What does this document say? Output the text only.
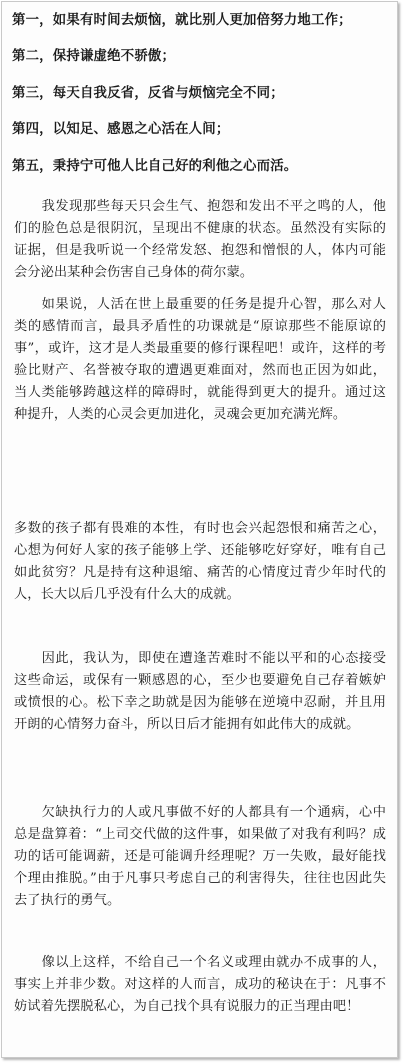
第一，如果有时间去烦恼，就比别人更加倍努力地工作；
第二，保持谦虚绝不骄傲；
第三，每天自我反省，反省与烦恼完全不同；
第四，以知足、感恩之心活在人间；
第五，秉持宁可他人比自己好的利他之心而活。

　　我发现那些每天只会生气、抱怨和发出不平之鸣的人，他们的脸色总是很阴沉，呈现出不健康的状态。虽然没有实际的证据，但是我听说一个经常发怒、抱怨和憎恨的人，体内可能会分泌出某种会伤害自己身体的荷尔蒙。

　　如果说，人活在世上最重要的任务是提升心智，那么对人类的感情而言，最具矛盾性的功课就是“原谅那些不能原谅的事”，或许，这才是人类最重要的修行课程吧！或许，这样的考验比财产、名誉被夺取的遭遇更难面对，然而也正因为如此，当人类能够跨越这样的障碍时，就能得到更大的提升。通过这种提升，人类的心灵会更加进化，灵魂会更加充满光辉。

多数的孩子都有畏难的本性，有时也会兴起怨恨和痛苦之心，心想为何好人家的孩子能够上学、还能够吃好穿好，唯有自己如此贫穷？凡是持有这种退缩、痛苦的心情度过青少年时代的人，长大以后几乎没有什么大的成就。

　　因此，我认为，即使在遭逢苦难时不能以平和的心态接受这些命运，或保有一颗感恩的心，至少也要避免自己存着嫉妒或愤恨的心。松下幸之助就是因为能够在逆境中忍耐，并且用开朗的心情努力奋斗，所以日后才能拥有如此伟大的成就。

　　欠缺执行力的人或凡事做不好的人都具有一个通病，心中总是盘算着：“上司交代做的这件事，如果做了对我有利吗？成功的话可能调薪，还是可能调升经理呢？万一失败，最好能找个理由推脱。”由于凡事只考虑自己的利害得失，往往也因此失去了执行的勇气。

　　像以上这样，不给自己一个名义或理由就办不成事的人，事实上并非少数。对这样的人而言，成功的秘诀在于：凡事不妨试着先摆脱私心，为自己找个具有说服力的正当理由吧！
